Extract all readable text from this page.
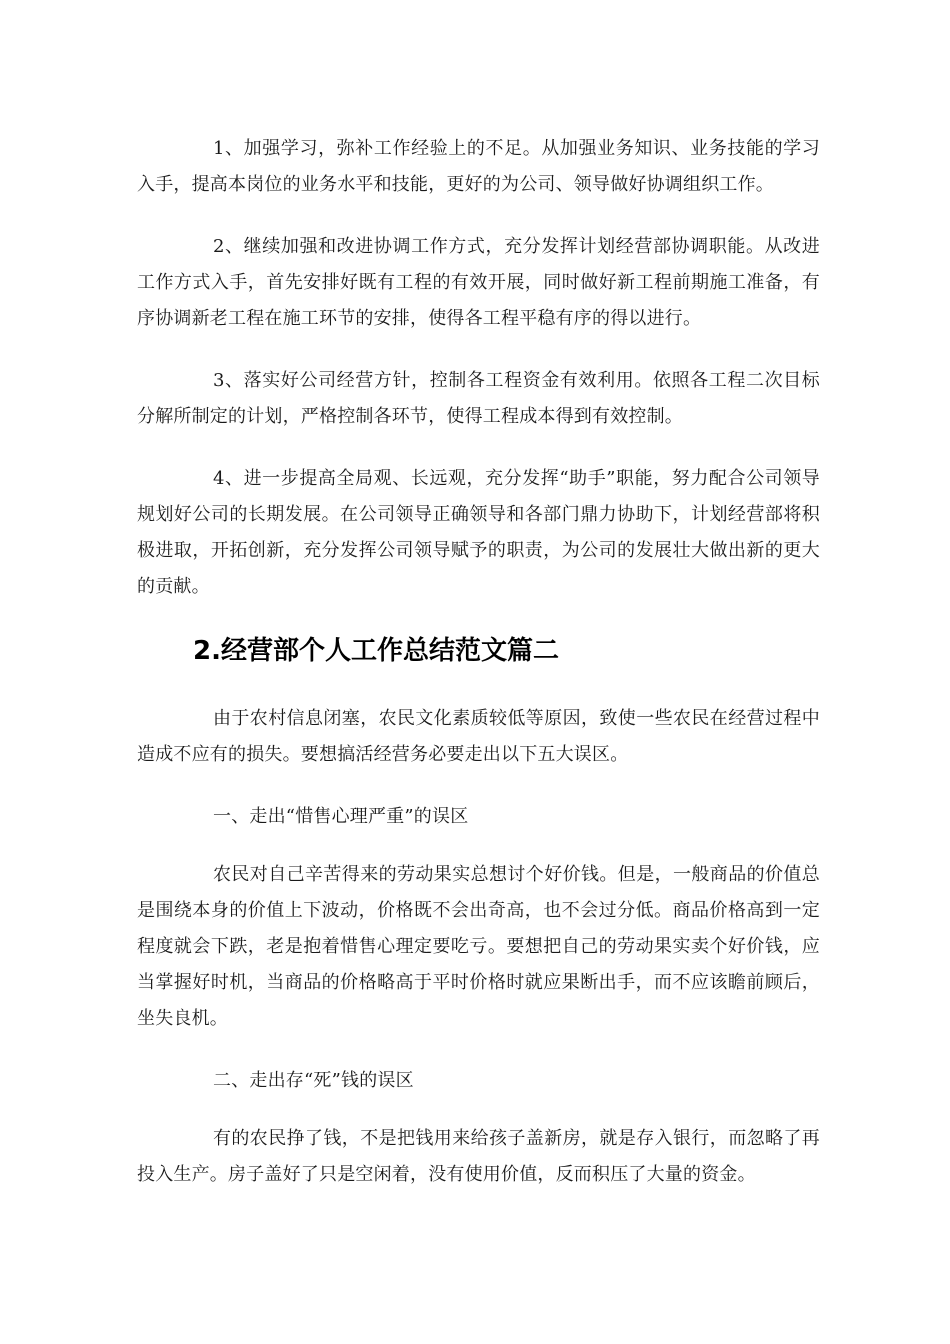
1、加强学习，弥补工作经验上的不足。从加强业务知识、业务技能的学习入手，提高本岗位的业务水平和技能，更好的为公司、领导做好协调组织工作。

2、继续加强和改进协调工作方式，充分发挥计划经营部协调职能。从改进工作方式入手，首先安排好既有工程的有效开展，同时做好新工程前期施工准备，有序协调新老工程在施工环节的安排，使得各工程平稳有序的得以进行。

3、落实好公司经营方针，控制各工程资金有效利用。依照各工程二次目标分解所制定的计划，严格控制各环节，使得工程成本得到有效控制。

4、进一步提高全局观、长远观，充分发挥“助手”职能，努力配合公司领导规划好公司的长期发展。在公司领导正确领导和各部门鼎力协助下，计划经营部将积极进取，开拓创新，充分发挥公司领导赋予的职责，为公司的发展壮大做出新的更大的贡献。

2.经营部个人工作总结范文篇二

由于农村信息闭塞，农民文化素质较低等原因，致使一些农民在经营过程中造成不应有的损失。要想搞活经营务必要走出以下五大误区。

一、走出“惜售心理严重”的误区

农民对自己辛苦得来的劳动果实总想讨个好价钱。但是，一般商品的价值总是围绕本身的价值上下波动，价格既不会出奇高，也不会过分低。商品价格高到一定程度就会下跌，老是抱着惜售心理定要吃亏。要想把自己的劳动果实卖个好价钱，应当掌握好时机，当商品的价格略高于平时价格时就应果断出手，而不应该瞻前顾后，坐失良机。

二、走出存“死”钱的误区

有的农民挣了钱，不是把钱用来给孩子盖新房，就是存入银行，而忽略了再投入生产。房子盖好了只是空闲着，没有使用价值，反而积压了大量的资金。
